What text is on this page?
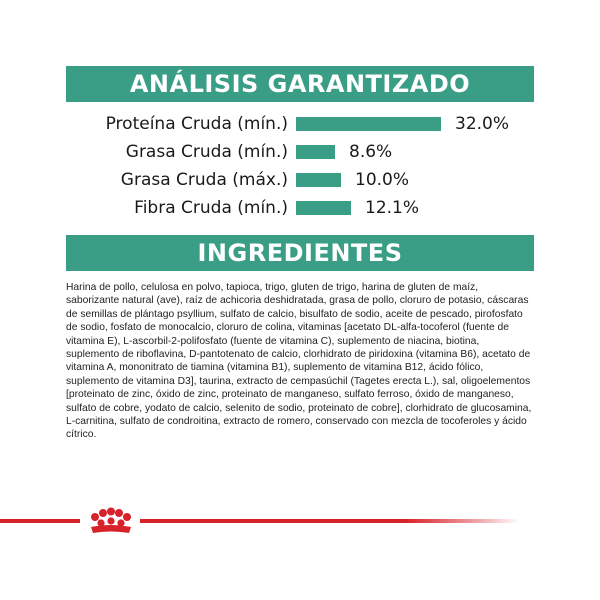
ANÁLISIS GARANTIZADO
Proteína Cruda (mín.)	32.0%
Grasa Cruda (mín.)	8.6%
Grasa Cruda (máx.)	10.0%
Fibra Cruda (mín.)	12.1%
INGREDIENTES

Harina de pollo, celulosa en polvo, tapioca, trigo, gluten de trigo, harina de gluten de maíz, saborizante natural (ave), raíz de achicoria deshidratada, grasa de pollo, cloruro de potasio, cáscaras de semillas de plántago psyllium, sulfato de calcio, bisulfato de sodio, aceite de pescado, pirofosfato de sodio, fosfato de monocalcio, cloruro de colina, vitaminas [acetato DL-alfa-tocoferol (fuente de vitamina E), L-ascorbil-2-polifosfato (fuente de vitamina C), suplemento de niacina, biotina, suplemento de riboflavina, D-pantotenato de calcio, clorhidrato de piridoxina (vitamina B6), acetato de vitamina A, mononitrato de tiamina (vitamina B1), suplemento de vitamina B12, ácido fólico, suplemento de vitamina D3], taurina, extracto de cempasúchil (Tagetes erecta L.), sal, oligoelementos [proteinato de zinc, óxido de zinc, proteinato de manganeso, sulfato ferroso, óxido de manganeso, sulfato de cobre, yodato de calcio, selenito de sodio, proteinato de cobre], clorhidrato de glucosamina, L-carnitina, sulfato de condroitina, extracto de romero, conservado con mezcla de tocoferoles y ácido cítrico.
